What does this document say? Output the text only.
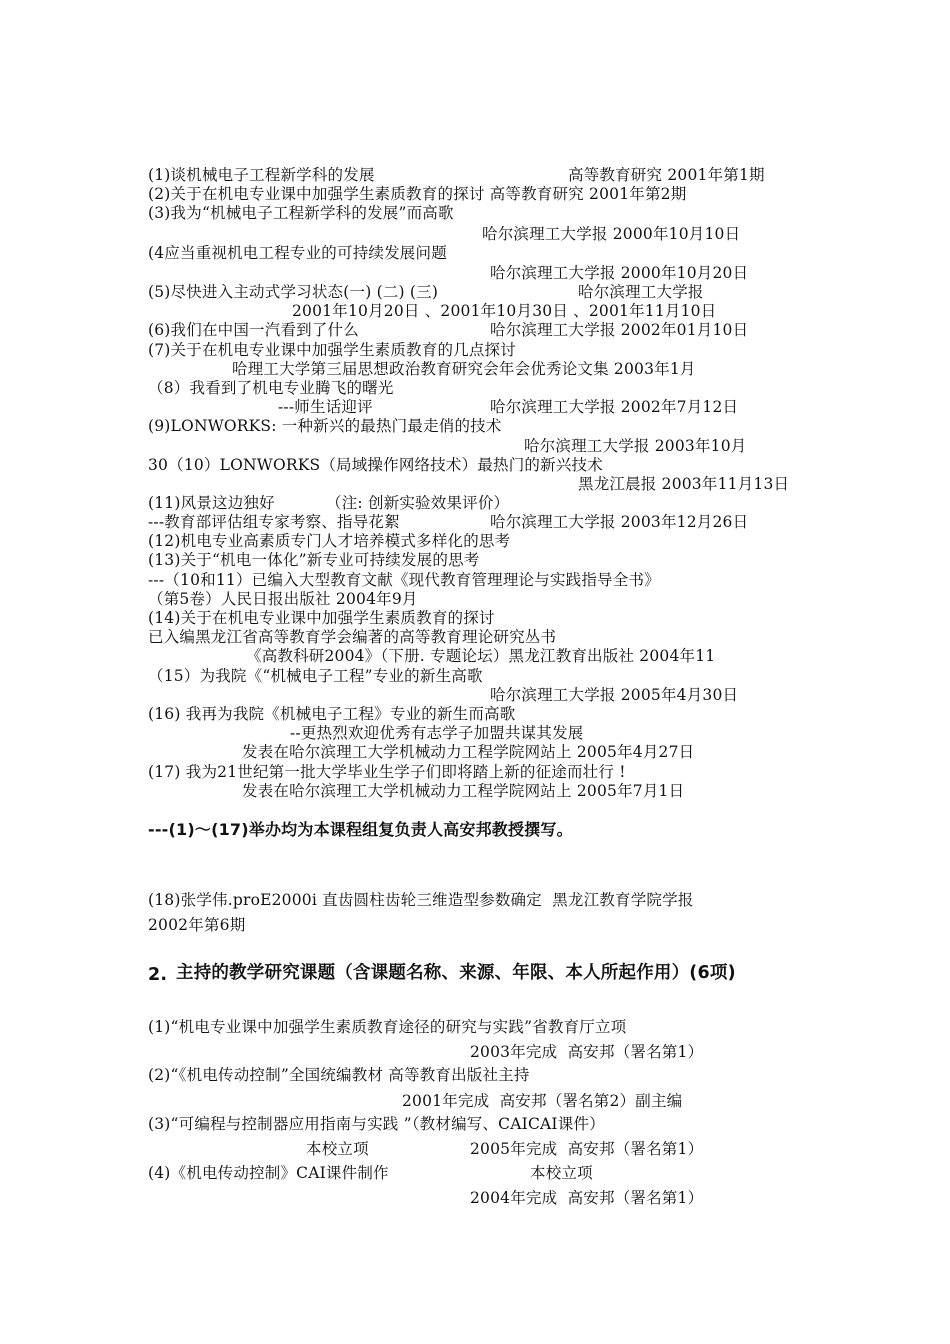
(1)谈机械电子工程新学科的发展	高等教育研究 2001年第1期
(2)关于在机电专业课中加强学生素质教育的探讨 高等教育研究 2001年第2期
(3)我为“机械电子工程新学科的发展”而高歌
哈尔滨理工大学报 2000年10月10日
(4应当重视机电工程专业的可持续发展问题
哈尔滨理工大学报 2000年10月20日
(5)尽快进入主动式学习状态(一) (二) (三)	哈尔滨理工大学报
2001年10月20日 、2001年10月30日 、2001年11月10日
(6)我们在中国一汽看到了什么	哈尔滨理工大学报 2002年01月10日
(7)关于在机电专业课中加强学生素质教育的几点探讨
哈理工大学第三届思想政治教育研究会年会优秀论文集 2003年1月
（8）我看到了机电专业腾飞的曙光
---师生话迎评	哈尔滨理工大学报 2002年7月12日
(9)LONWORKS: 一种新兴的最热门最走俏的技术
哈尔滨理工大学报 2003年10月
30（10）LONWORKS（局域操作网络技术）最热门的新兴技术
黑龙江晨报 2003年11月13日
(11)风景这边独好	（注: 创新实验效果评价）
---教育部评估组专家考察、指导花絮	哈尔滨理工大学报 2003年12月26日
(12)机电专业高素质专门人才培养模式多样化的思考
(13)关于“机电一体化”新专业可持续发展的思考
---（10和11）已编入大型教育文献《现代教育管理理论与实践指导全书》
（第5卷）人民日报出版社 2004年9月
(14)关于在机电专业课中加强学生素质教育的探讨
已入编黑龙江省高等教育学会编著的高等教育理论研究丛书
《高教科研2004》（下册. 专题论坛）黑龙江教育出版社 2004年11
（15）为我院《“机械电子工程”专业的新生高歌
哈尔滨理工大学报 2005年4月30日
(16) 我再为我院《机械电子工程》专业的新生而高歌
--更热烈欢迎优秀有志学子加盟共谋其发展
发表在哈尔滨理工大学机械动力工程学院网站上 2005年4月27日
(17) 我为21世纪第一批大学毕业生学子们即将踏上新的征途而壮行 !
发表在哈尔滨理工大学机械动力工程学院网站上 2005年7月1日
---(1)～(17)举办均为本课程组复负责人高安邦教授撰写。
(18)张学伟.proE2000i 直齿圆柱齿轮三维造型参数确定  黑龙江教育学院学报
2002年第6期
2. 主持的教学研究课题（含课题名称、来源、年限、本人所起作用）(6项)
(1)“机电专业课中加强学生素质教育途径的研究与实践”省教育厅立项
2003年完成  高安邦（署名第1）
(2)“《机电传动控制”全国统编教材 高等教育出版社主持
2001年完成  高安邦（署名第2）副主编
(3)“可编程与控制器应用指南与实践 ”（教材编写、CAICAI课件）
本校立项	2005年完成  高安邦（署名第1）
(4)《机电传动控制》CAI课件制作	本校立项
2004年完成  高安邦（署名第1）
